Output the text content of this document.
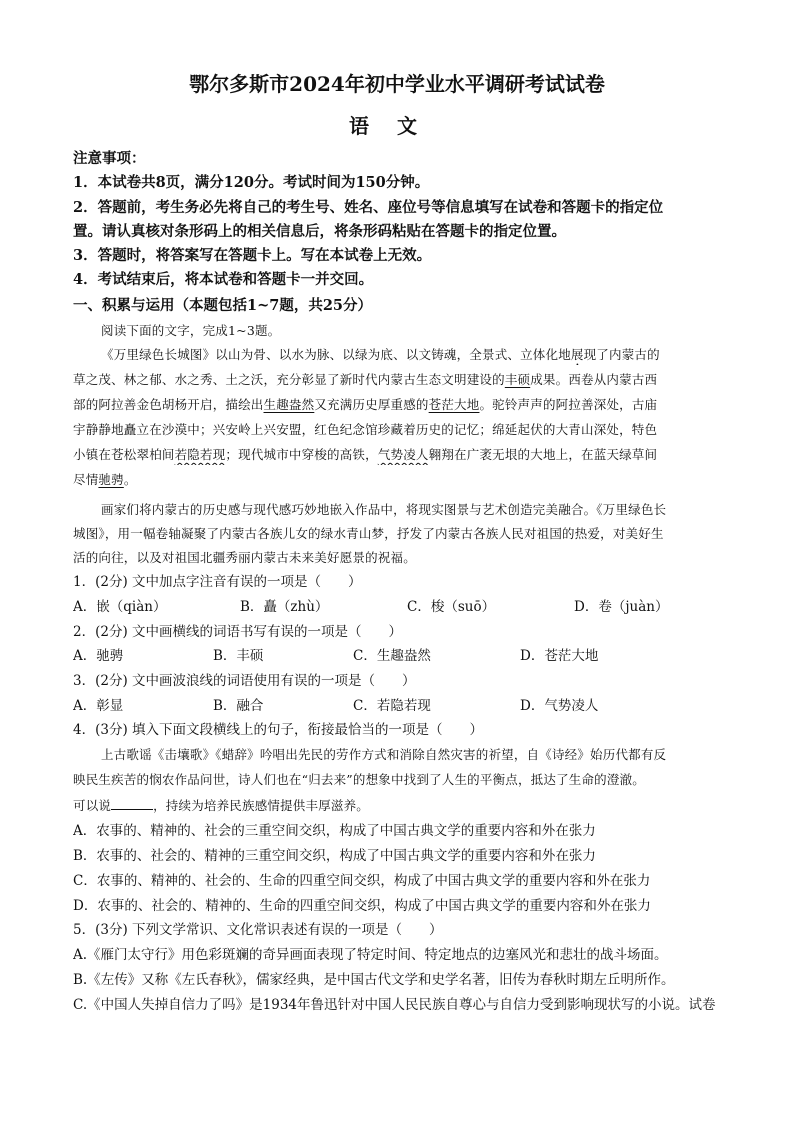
鄂尔多斯市2024年初中学业水平调研考试试卷
语文
注意事项：
1．本试卷共8页，满分120分。考试时间为150分钟。
2．答题前，考生务必先将自己的考生号、姓名、座位号等信息填写在试卷和答题卡的指定位
置。请认真核对条形码上的相关信息后，将条形码粘贴在答题卡的指定位置。
3．答题时，将答案写在答题卡上。写在本试卷上无效。
4．考试结束后，将本试卷和答题卡一并交回。
一、积累与运用（本题包括1~7题，共25分）
阅读下面的文字，完成1~3题。
《万里绿色长城图》以山为骨、以水为脉、以绿为底、以文铸魂，全景式、立体化地展现了内蒙古的
草之茂、林之郁、水之秀、土之沃，充分彰显了新时代内蒙古生态文明建设的丰硕成果。西卷从内蒙古西
部的阿拉善金色胡杨开启，描绘出生趣盎然又充满历史厚重感的苍茫大地。驼铃声声的阿拉善深处，古庙
宇静静地矗立在沙漠中；兴安岭上兴安盟，红色纪念馆珍藏着历史的记忆；绵延起伏的大青山深处，特色
小镇在苍松翠柏间若隐若现；现代城市中穿梭的高铁，气势凌人翱翔在广袤无垠的大地上，在蓝天绿草间
尽情驰骋。
画家们将内蒙古的历史感与现代感巧妙地嵌入作品中，将现实图景与艺术创造完美融合。《万里绿色长
城图》，用一幅卷轴凝聚了内蒙古各族儿女的绿水青山梦，抒发了内蒙古各族人民对祖国的热爱，对美好生
活的向往，以及对祖国北疆秀丽内蒙古未来美好愿景的祝福。
1．(2分) 文中加点字注音有误的一项是（　　）
A．嵌（qiàn）	B．矗（zhù）	C．梭（suō）	D．卷（juàn）
2．(2分) 文中画横线的词语书写有误的一项是（　　）
A．驰骋	B．丰硕	C．生趣盎然	D．苍茫大地
3．(2分) 文中画波浪线的词语使用有误的一项是（　　）
A．彰显	B．融合	C．若隐若现	D．气势凌人
4．(3分) 填入下面文段横线上的句子，衔接最恰当的一项是（　　）
上古歌谣《击壤歌》《蜡辞》吟唱出先民的劳作方式和消除自然灾害的祈望，自《诗经》始历代都有反
映民生疾苦的悯农作品问世，诗人们也在“归去来”的想象中找到了人生的平衡点，抵达了生命的澄澈。
可以说	，持续为培养民族感情提供丰厚滋养。
A．农事的、精神的、社会的三重空间交织，构成了中国古典文学的重要内容和外在张力
B．农事的、社会的、精神的三重空间交织，构成了中国古典文学的重要内容和外在张力
C．农事的、精神的、社会的、生命的四重空间交织，构成了中国古典文学的重要内容和外在张力
D．农事的、社会的、精神的、生命的四重空间交织，构成了中国古典文学的重要内容和外在张力
5．(3分) 下列文学常识、文化常识表述有误的一项是（　　）
A.《雁门太守行》用色彩斑斓的奇异画面表现了特定时间、特定地点的边塞风光和悲壮的战斗场面。
B.《左传》又称《左氏春秋》，儒家经典，是中国古代文学和史学名著，旧传为春秋时期左丘明所作。
C.《中国人失掉自信力了吗》是1934年鲁迅针对中国人民民族自尊心与自信力受到影响现状写的小说。试卷
